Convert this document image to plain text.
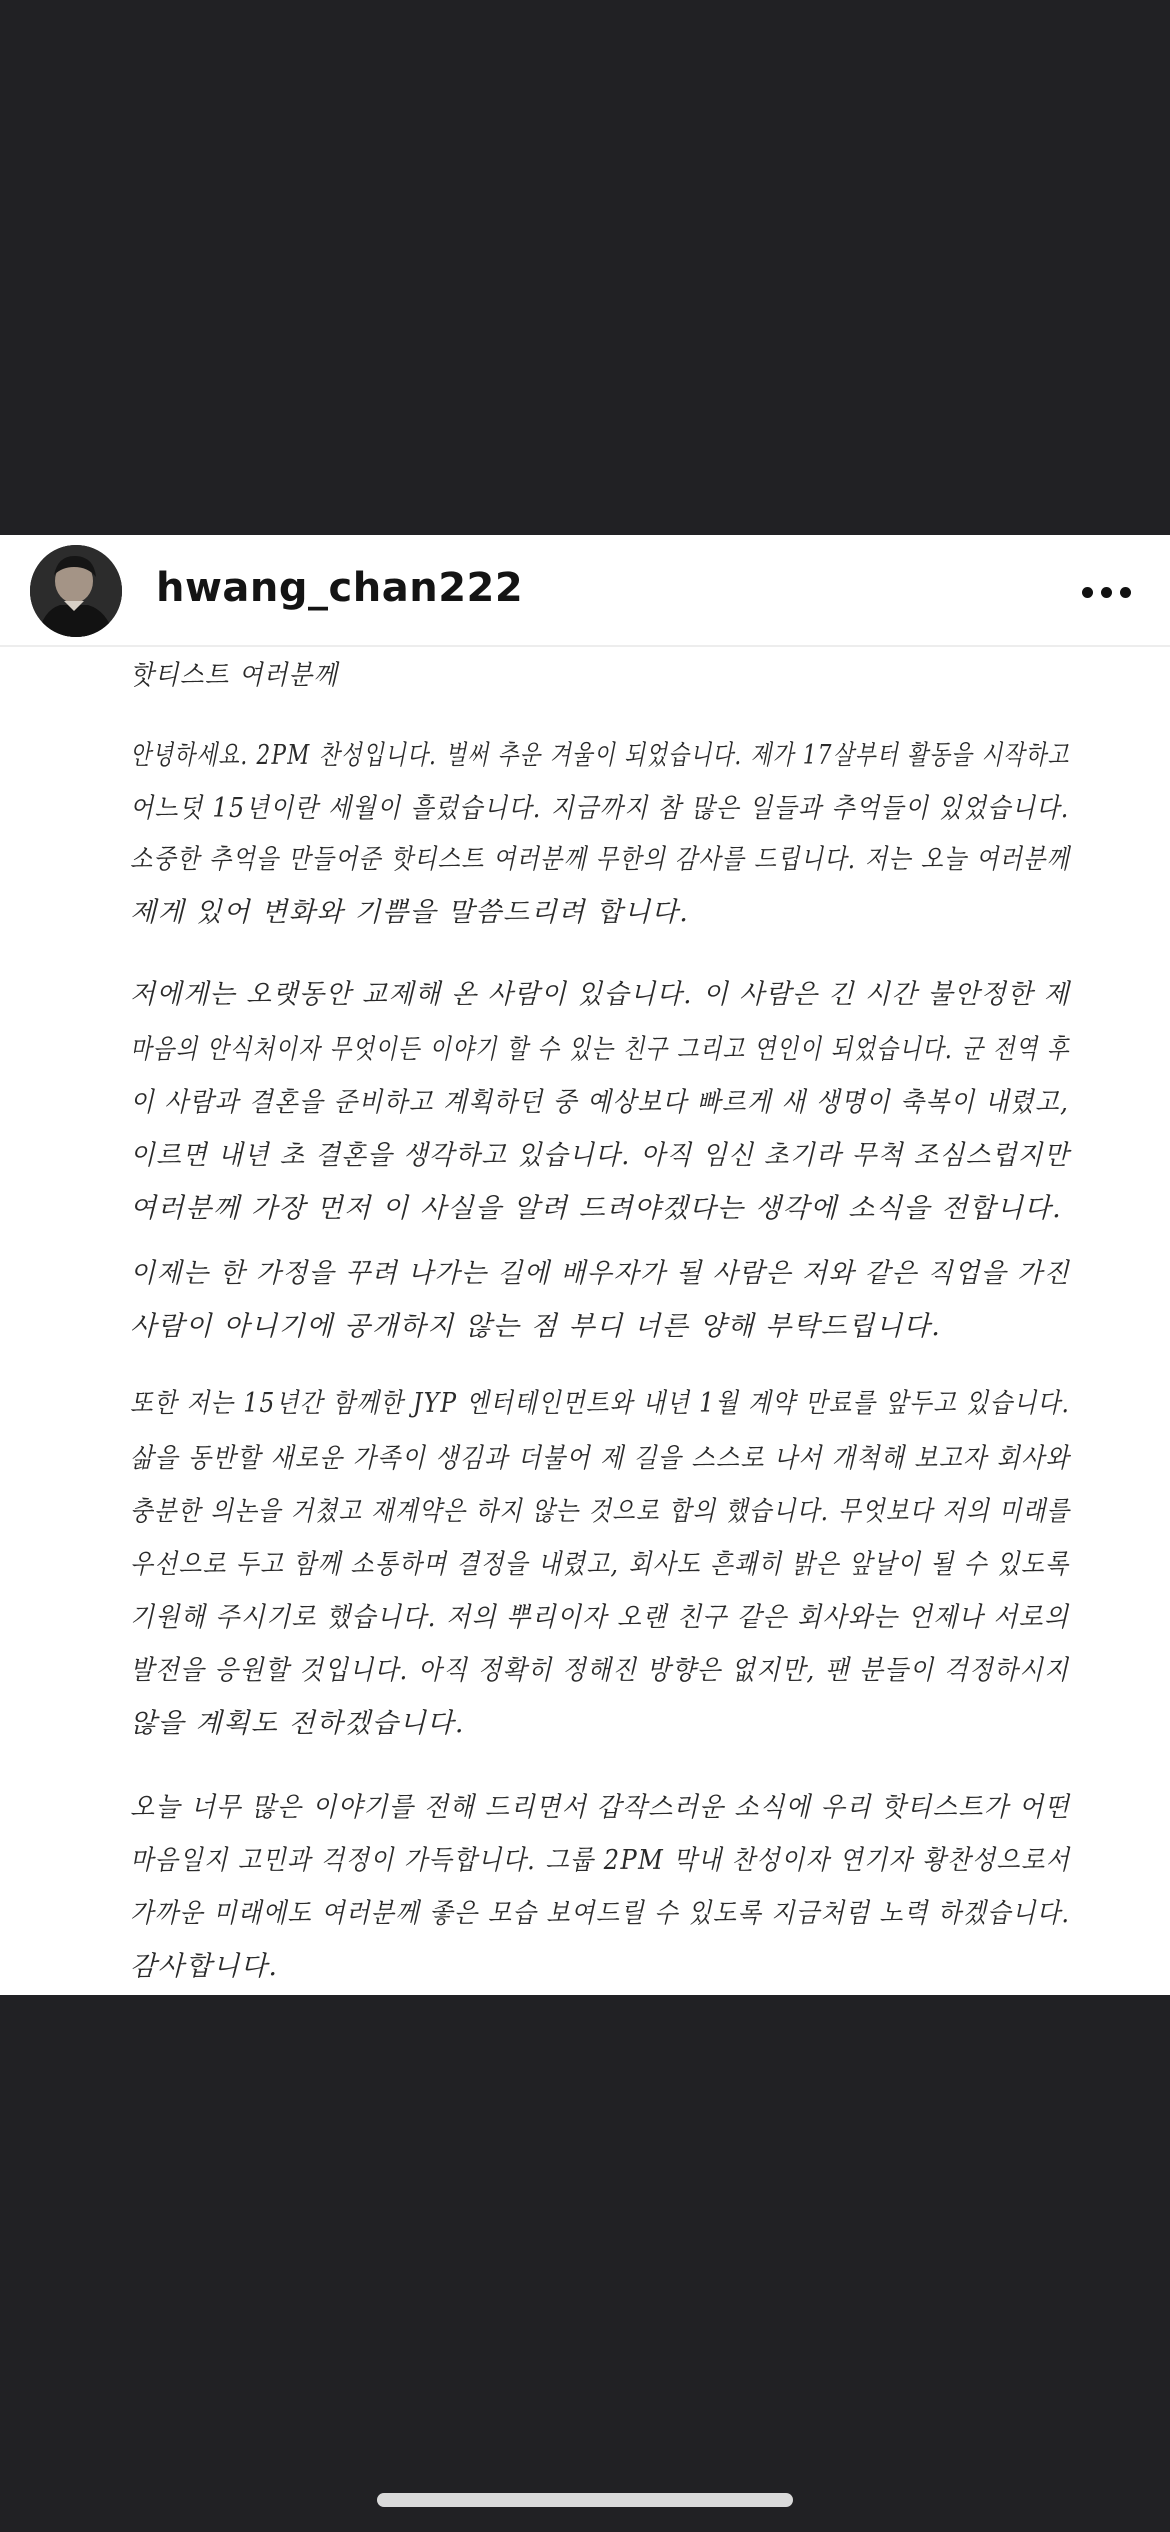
hwang_chan222
핫티스트 여러분께
안녕하세요. 2PM 찬성입니다. 벌써 추운 겨울이 되었습니다. 제가 17살부터 활동을 시작하고
어느덧 15년이란 세월이 흘렀습니다. 지금까지 참 많은 일들과 추억들이 있었습니다.
소중한 추억을 만들어준 핫티스트 여러분께 무한의 감사를 드립니다. 저는 오늘 여러분께
제게 있어 변화와 기쁨을 말씀드리려 합니다.
저에게는 오랫동안 교제해 온 사람이 있습니다. 이 사람은 긴 시간 불안정한 제
마음의 안식처이자 무엇이든 이야기 할 수 있는 친구 그리고 연인이 되었습니다. 군 전역 후
이 사람과 결혼을 준비하고 계획하던 중 예상보다 빠르게 새 생명이 축복이 내렸고,
이르면 내년 초 결혼을 생각하고 있습니다. 아직 임신 초기라 무척 조심스럽지만
여러분께 가장 먼저 이 사실을 알려 드려야겠다는 생각에 소식을 전합니다.
이제는 한 가정을 꾸려 나가는 길에 배우자가 될 사람은 저와 같은 직업을 가진
사람이 아니기에 공개하지 않는 점 부디 너른 양해 부탁드립니다.
또한 저는 15년간 함께한 JYP 엔터테인먼트와 내년 1월 계약 만료를 앞두고 있습니다.
삶을 동반할 새로운 가족이 생김과 더불어 제 길을 스스로 나서 개척해 보고자 회사와
충분한 의논을 거쳤고 재계약은 하지 않는 것으로 합의 했습니다. 무엇보다 저의 미래를
우선으로 두고 함께 소통하며 결정을 내렸고, 회사도 흔쾌히 밝은 앞날이 될 수 있도록
기원해 주시기로 했습니다. 저의 뿌리이자 오랜 친구 같은 회사와는 언제나 서로의
발전을 응원할 것입니다. 아직 정확히 정해진 방향은 없지만, 팬 분들이 걱정하시지
않을 계획도 전하겠습니다.
오늘 너무 많은 이야기를 전해 드리면서 갑작스러운 소식에 우리 핫티스트가 어떤
마음일지 고민과 걱정이 가득합니다. 그룹 2PM 막내 찬성이자 연기자 황찬성으로서
가까운 미래에도 여러분께 좋은 모습 보여드릴 수 있도록 지금처럼 노력 하겠습니다.
감사합니다.
